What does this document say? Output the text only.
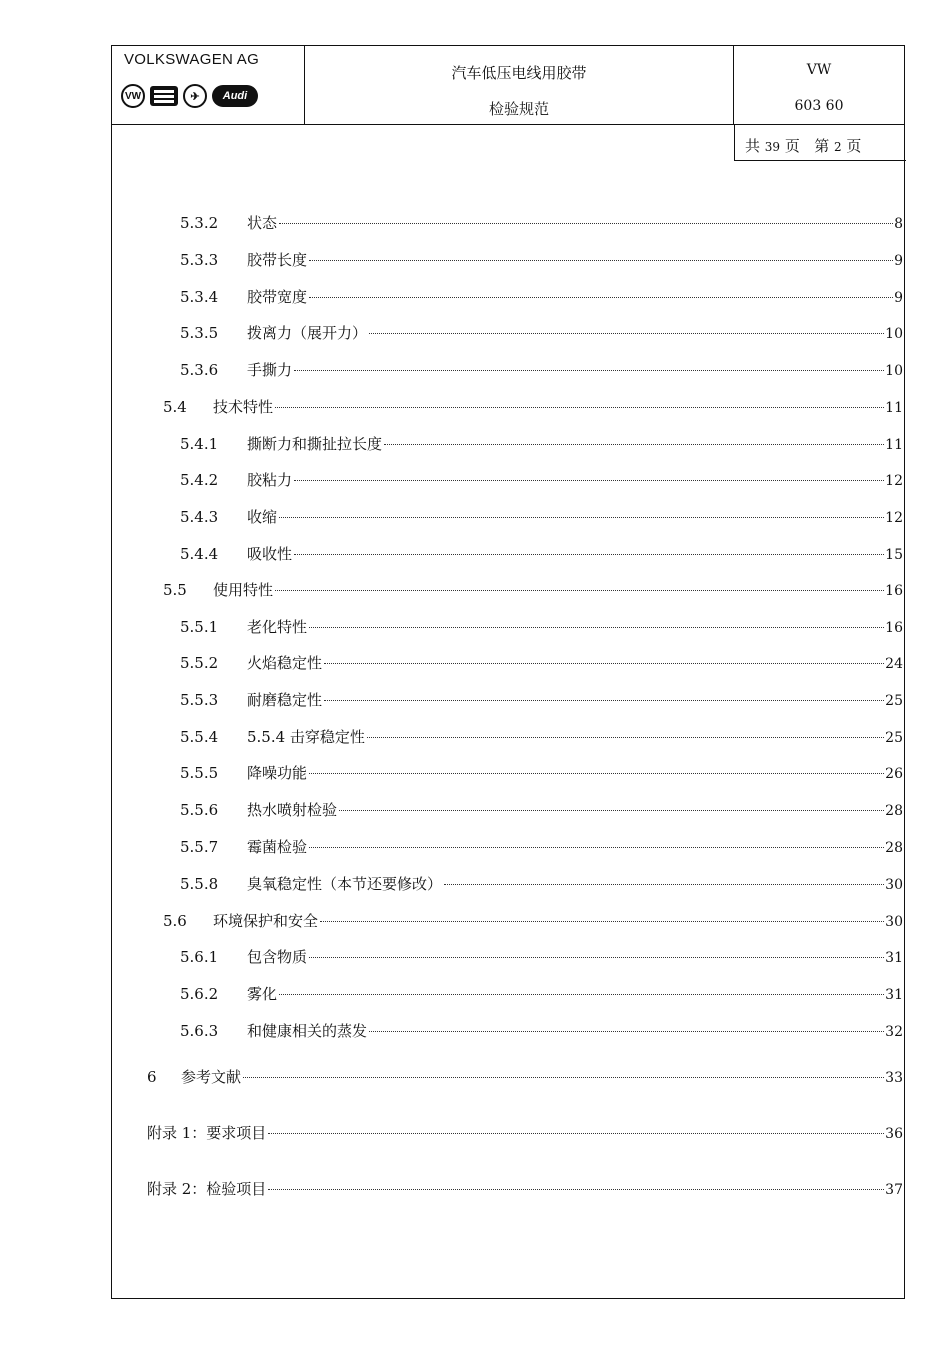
VOLKSWAGEN AG
VW	✈	Audi
汽车低压电线用胶带
检验规范
VW
603 60
共 39 页 第 2 页
5.3.2	状态	8
5.3.3	胶带长度	9
5.3.4	胶带宽度	9
5.3.5	拨离力（展开力）	10
5.3.6	手撕力	10
5.4	技术特性	11
5.4.1	撕断力和撕扯拉长度	11
5.4.2	胶粘力	12
5.4.3	收缩	12
5.4.4	吸收性	15
5.5	使用特性	16
5.5.1	老化特性	16
5.5.2	火焰稳定性	24
5.5.3	耐磨稳定性	25
5.5.4	5.5.4 击穿稳定性	25
5.5.5	降噪功能	26
5.5.6	热水喷射检验	28
5.5.7	霉菌检验	28
5.5.8	臭氧稳定性（本节还要修改）	30
5.6	环境保护和安全	30
5.6.1	包含物质	31
5.6.2	雾化	31
5.6.3	和健康相关的蒸发	32
6	参考文献	33
附录 1：要求项目	36
附录 2：检验项目	37
